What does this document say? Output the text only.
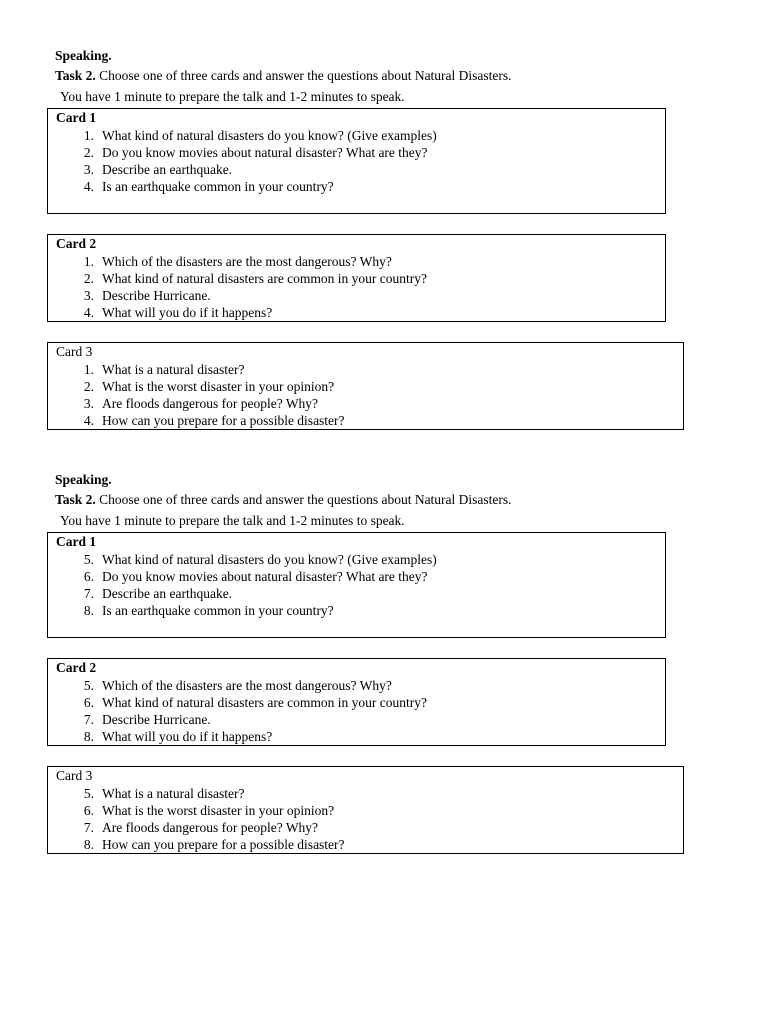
Speaking.
Task 2. Choose one of three cards and answer the questions about Natural Disasters.
You have 1 minute to prepare the talk and 1-2 minutes to speak.
Card 1
1. What kind of natural disasters do you know? (Give examples)
2. Do you know movies about natural disaster? What are they?
3. Describe an earthquake.
4. Is an earthquake common in your country?
Card 2
1. Which of the disasters are the most dangerous? Why?
2. What kind of natural disasters are common in your country?
3. Describe Hurricane.
4. What will you do if it happens?
Card 3
1. What is a natural disaster?
2. What is the worst disaster in your opinion?
3. Are floods dangerous for people? Why?
4. How can you prepare for a possible disaster?
Speaking.
Task 2. Choose one of three cards and answer the questions about Natural Disasters.
You have 1 minute to prepare the talk and 1-2 minutes to speak.
Card 1
5. What kind of natural disasters do you know? (Give examples)
6. Do you know movies about natural disaster? What are they?
7. Describe an earthquake.
8. Is an earthquake common in your country?
Card 2
5. Which of the disasters are the most dangerous? Why?
6. What kind of natural disasters are common in your country?
7. Describe Hurricane.
8. What will you do if it happens?
Card 3
5. What is a natural disaster?
6. What is the worst disaster in your opinion?
7. Are floods dangerous for people? Why?
8. How can you prepare for a possible disaster?
